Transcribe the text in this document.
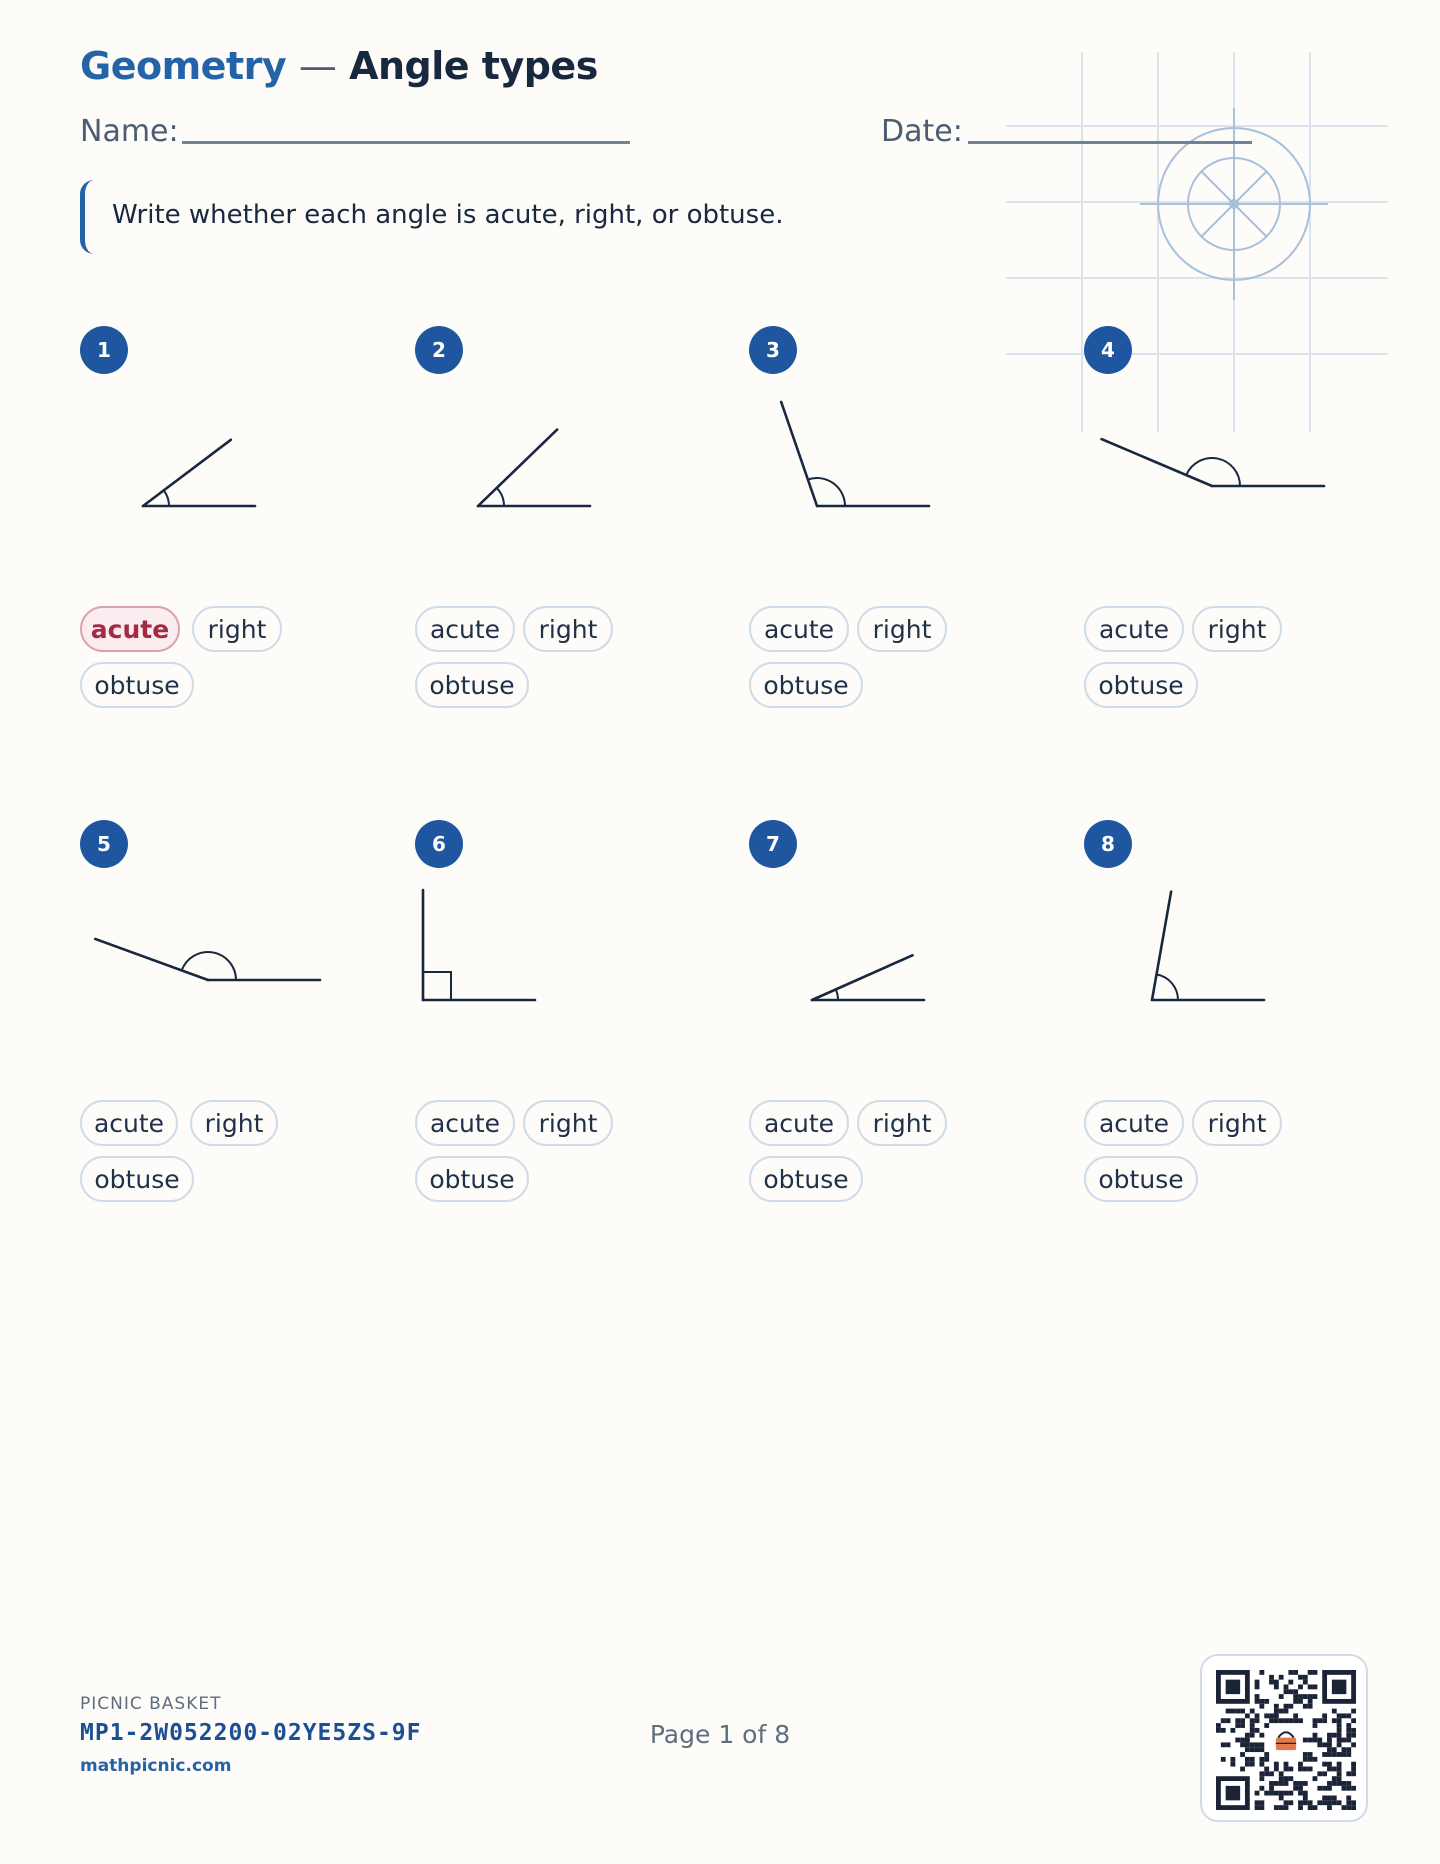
Geometry — Angle types
Name:	Date:
Write whether each angle is acute, right, or obtuse.
1
acute	right
obtuse
2
acute	right
obtuse
3
acute	right
obtuse
4
acute	right
obtuse
5
acute	right
obtuse
6
acute	right
obtuse
7
acute	right
obtuse
8
acute	right
obtuse
PICNIC BASKET
MP1-2W052200-02YE5ZS-9F
mathpicnic.com
Page 1 of 8
